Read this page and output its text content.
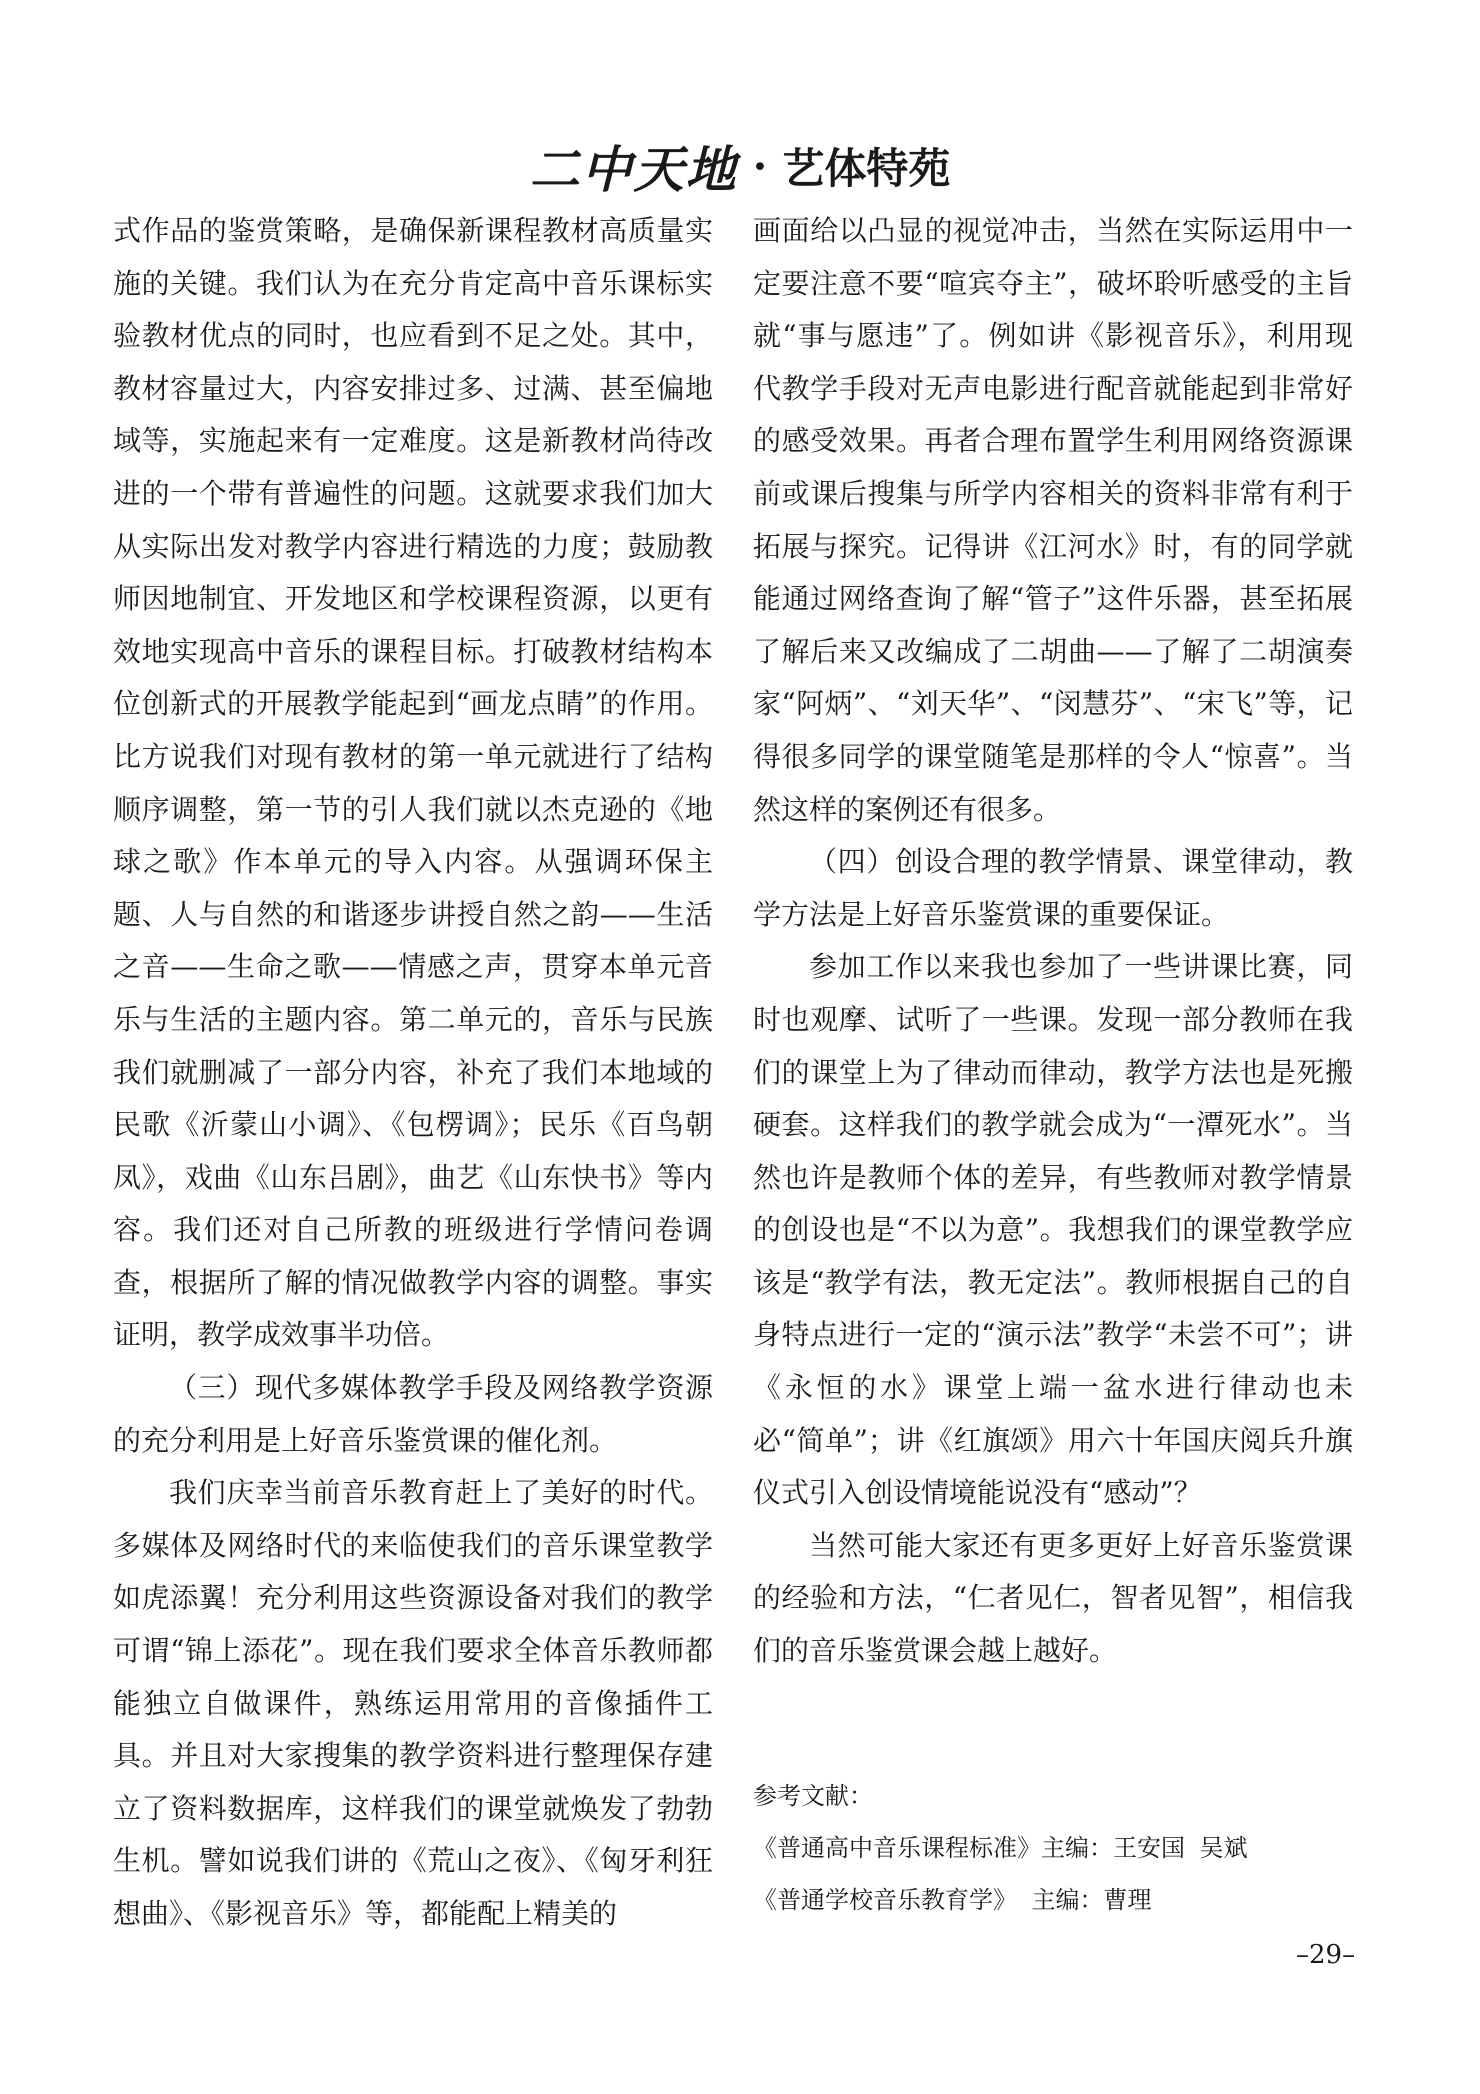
二中天地 · 艺体特苑

式作品的鉴赏策略，是确保新课程教材高质量实施的关键。我们认为在充分肯定高中音乐课标实验教材优点的同时，也应看到不足之处。其中，教材容量过大，内容安排过多、过满、甚至偏地域等，实施起来有一定难度。这是新教材尚待改进的一个带有普遍性的问题。这就要求我们加大从实际出发对教学内容进行精选的力度；鼓励教师因地制宜、开发地区和学校课程资源，以更有效地实现高中音乐的课程目标。打破教材结构本位创新式的开展教学能起到“画龙点睛”的作用。比方说我们对现有教材的第一单元就进行了结构顺序调整，第一节的引人我们就以杰克逊的《地球之歌》作本单元的导入内容。从强调环保主题、人与自然的和谐逐步讲授自然之韵——生活之音——生命之歌——情感之声，贯穿本单元音乐与生活的主题内容。第二单元的，音乐与民族我们就删减了一部分内容，补充了我们本地域的民歌《沂蒙山小调》、《包楞调》；民乐《百鸟朝凤》，戏曲《山东吕剧》，曲艺《山东快书》等内容。我们还对自己所教的班级进行学情问卷调查，根据所了解的情况做教学内容的调整。事实证明，教学成效事半功倍。

（三）现代多媒体教学手段及网络教学资源的充分利用是上好音乐鉴赏课的催化剂。

我们庆幸当前音乐教育赶上了美好的时代。多媒体及网络时代的来临使我们的音乐课堂教学如虎添翼！充分利用这些资源设备对我们的教学可谓“锦上添花”。现在我们要求全体音乐教师都能独立自做课件，熟练运用常用的音像插件工具。并且对大家搜集的教学资料进行整理保存建立了资料数据库，这样我们的课堂就焕发了勃勃生机。譬如说我们讲的《荒山之夜》、《匈牙利狂想曲》、《影视音乐》等，都能配上精美的

画面给以凸显的视觉冲击，当然在实际运用中一定要注意不要“喧宾夺主”，破坏聆听感受的主旨就“事与愿违”了。例如讲《影视音乐》，利用现代教学手段对无声电影进行配音就能起到非常好的感受效果。再者合理布置学生利用网络资源课前或课后搜集与所学内容相关的资料非常有利于拓展与探究。记得讲《江河水》时，有的同学就能通过网络查询了解“管子”这件乐器，甚至拓展了解后来又改编成了二胡曲——了解了二胡演奏家“阿炳”、“刘天华”、“闵慧芬”、“宋飞”等，记得很多同学的课堂随笔是那样的令人“惊喜”。当然这样的案例还有很多。

（四）创设合理的教学情景、课堂律动，教学方法是上好音乐鉴赏课的重要保证。

参加工作以来我也参加了一些讲课比赛，同时也观摩、试听了一些课。发现一部分教师在我们的课堂上为了律动而律动，教学方法也是死搬硬套。这样我们的教学就会成为“一潭死水”。当然也许是教师个体的差异，有些教师对教学情景的创设也是“不以为意”。我想我们的课堂教学应该是“教学有法，教无定法”。教师根据自己的自身特点进行一定的“演示法”教学“未尝不可”；讲《永恒的水》课堂上端一盆水进行律动也未必“简单”；讲《红旗颂》用六十年国庆阅兵升旗仪式引入创设情境能说没有“感动”？

当然可能大家还有更多更好上好音乐鉴赏课的经验和方法，“仁者见仁，智者见智”，相信我们的音乐鉴赏课会越上越好。

参考文献：

《普通高中音乐课程标准》主编：王安国 吴斌

《普通学校音乐教育学》 主编：曹理

–29–
